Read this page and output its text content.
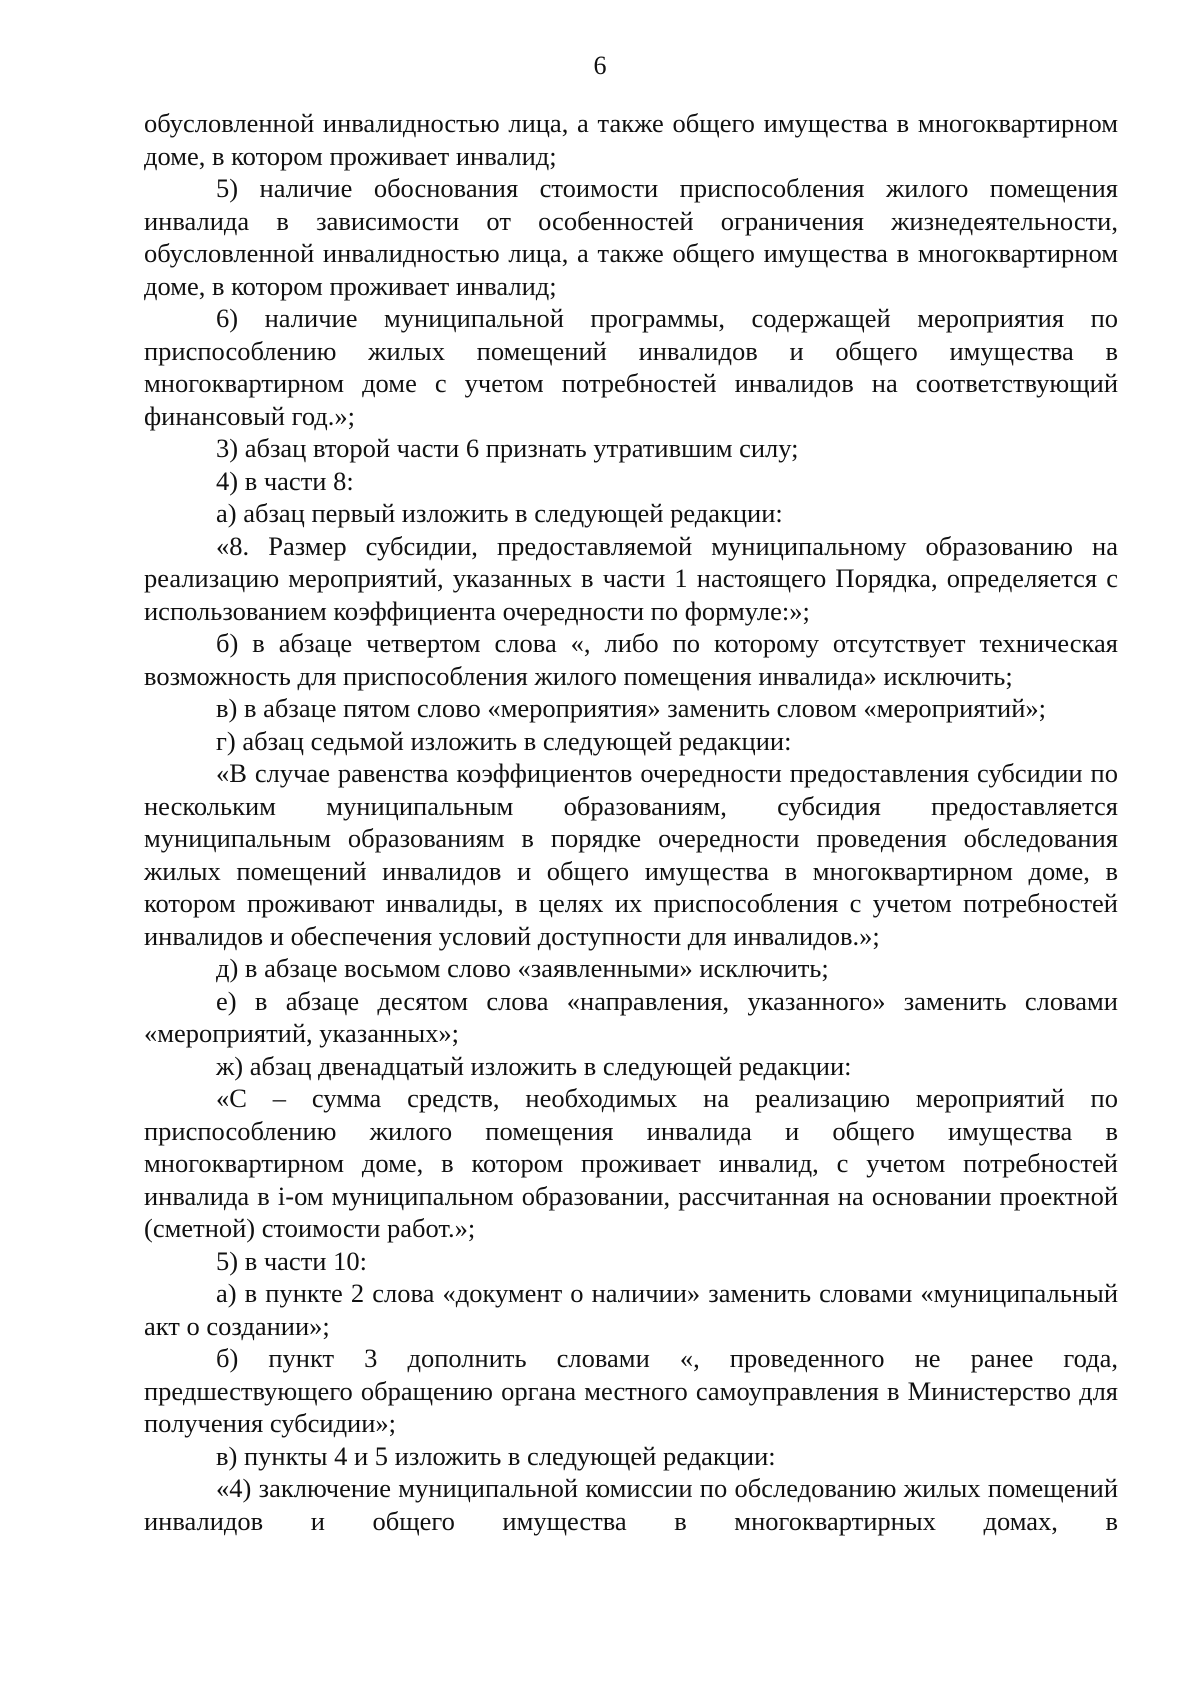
6

обусловленной инвалидностью лица, а также общего имущества в многоквартирном доме, в котором проживает инвалид;

5) наличие обоснования стоимости приспособления жилого помещения инвалида в зависимости от особенностей ограничения жизнедеятельности, обусловленной инвалидностью лица, а также общего имущества в многоквартирном доме, в котором проживает инвалид;

6) наличие муниципальной программы, содержащей мероприятия по приспособлению жилых помещений инвалидов и общего имущества в многоквартирном доме с учетом потребностей инвалидов на соответствующий финансовый год.»;

3) абзац второй части 6 признать утратившим силу;

4) в части 8:

а) абзац первый изложить в следующей редакции:

«8. Размер субсидии, предоставляемой муниципальному образованию на реализацию мероприятий, указанных в части 1 настоящего Порядка, определяется с использованием коэффициента очередности по формуле:»;

б) в абзаце четвертом слова «, либо по которому отсутствует техническая возможность для приспособления жилого помещения инвалида» исключить;

в) в абзаце пятом слово «мероприятия» заменить словом «мероприятий»;

г) абзац седьмой изложить в следующей редакции:

«В случае равенства коэффициентов очередности предоставления субсидии по нескольким муниципальным образованиям, субсидия предоставляется муниципальным образованиям в порядке очередности проведения обследования жилых помещений инвалидов и общего имущества в многоквартирном доме, в котором проживают инвалиды, в целях их приспособления с учетом потребностей инвалидов и обеспечения условий доступности для инвалидов.»;

д) в абзаце восьмом слово «заявленными» исключить;

е) в абзаце десятом слова «направления, указанного» заменить словами «мероприятий, указанных»;

ж) абзац двенадцатый изложить в следующей редакции:

«С – сумма средств, необходимых на реализацию мероприятий по приспособлению жилого помещения инвалида и общего имущества в многоквартирном доме, в котором проживает инвалид, с учетом потребностей инвалида в i-ом муниципальном образовании, рассчитанная на основании проектной (сметной) стоимости работ.»;

5) в части 10:

а) в пункте 2 слова «документ о наличии» заменить словами «муниципальный акт о создании»;

б) пункт 3 дополнить словами «, проведенного не ранее года, предшествующего обращению органа местного самоуправления в Министерство для получения субсидии»;

в) пункты 4 и 5 изложить в следующей редакции:

«4) заключение муниципальной комиссии по обследованию жилых помещений инвалидов и общего имущества в многоквартирных домах, в
